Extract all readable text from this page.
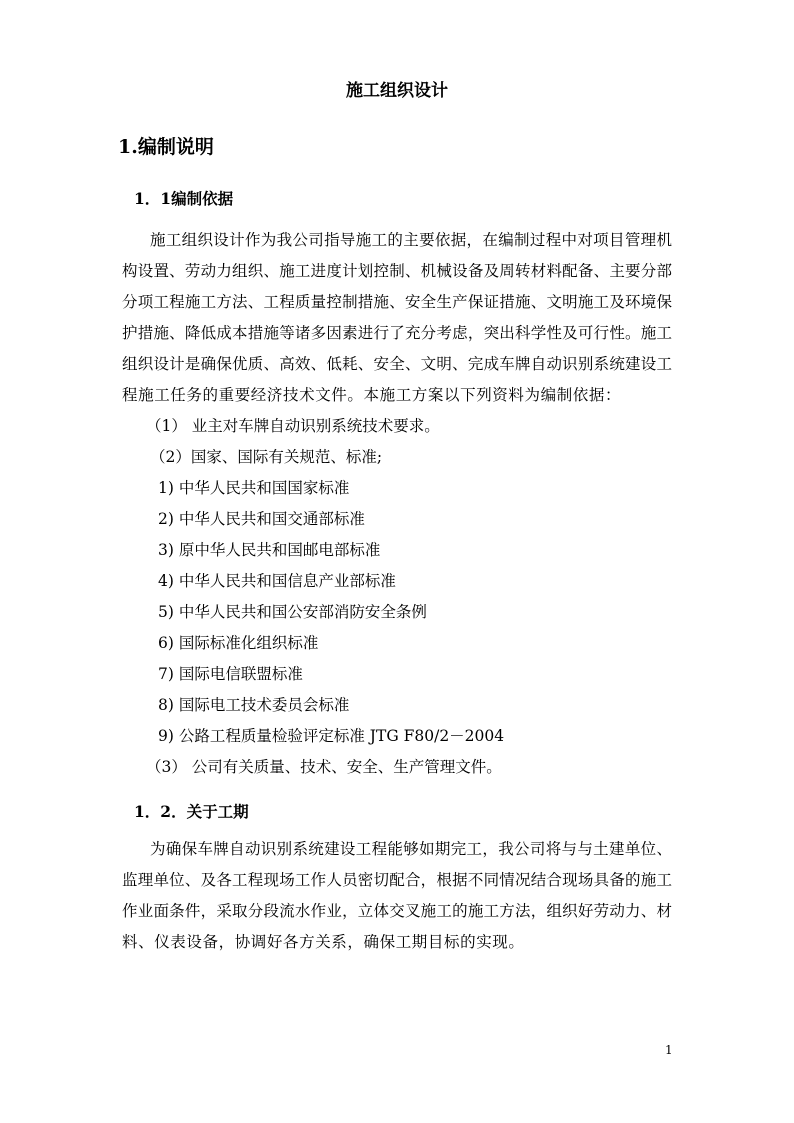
施工组织设计
1.编制说明
1．1编制依据
施工组织设计作为我公司指导施工的主要依据，在编制过程中对项目管理机
构设置、劳动力组织、施工进度计划控制、机械设备及周转材料配备、主要分部
分项工程施工方法、工程质量控制措施、安全生产保证措施、文明施工及环境保
护措施、降低成本措施等诸多因素进行了充分考虑，突出科学性及可行性。施工
组织设计是确保优质、高效、低耗、安全、文明、完成车牌自动识别系统建设工
程施工任务的重要经济技术文件。本施工方案以下列资料为编制依据：
（1） 业主对车牌自动识别系统技术要求。
（2）国家、国际有关规范、标准;
1) 中华人民共和国国家标准
2) 中华人民共和国交通部标准
3) 原中华人民共和国邮电部标准
4) 中华人民共和国信息产业部标准
5) 中华人民共和国公安部消防安全条例
6) 国际标准化组织标准
7) 国际电信联盟标准
8) 国际电工技术委员会标准
9) 公路工程质量检验评定标准 JTG F80/2－2004
（3） 公司有关质量、技术、安全、生产管理文件。
1．2．关于工期
为确保车牌自动识别系统建设工程能够如期完工，我公司将与与土建单位、
监理单位、及各工程现场工作人员密切配合，根据不同情况结合现场具备的施工
作业面条件，采取分段流水作业，立体交叉施工的施工方法，组织好劳动力、材
料、仪表设备，协调好各方关系，确保工期目标的实现。
1
